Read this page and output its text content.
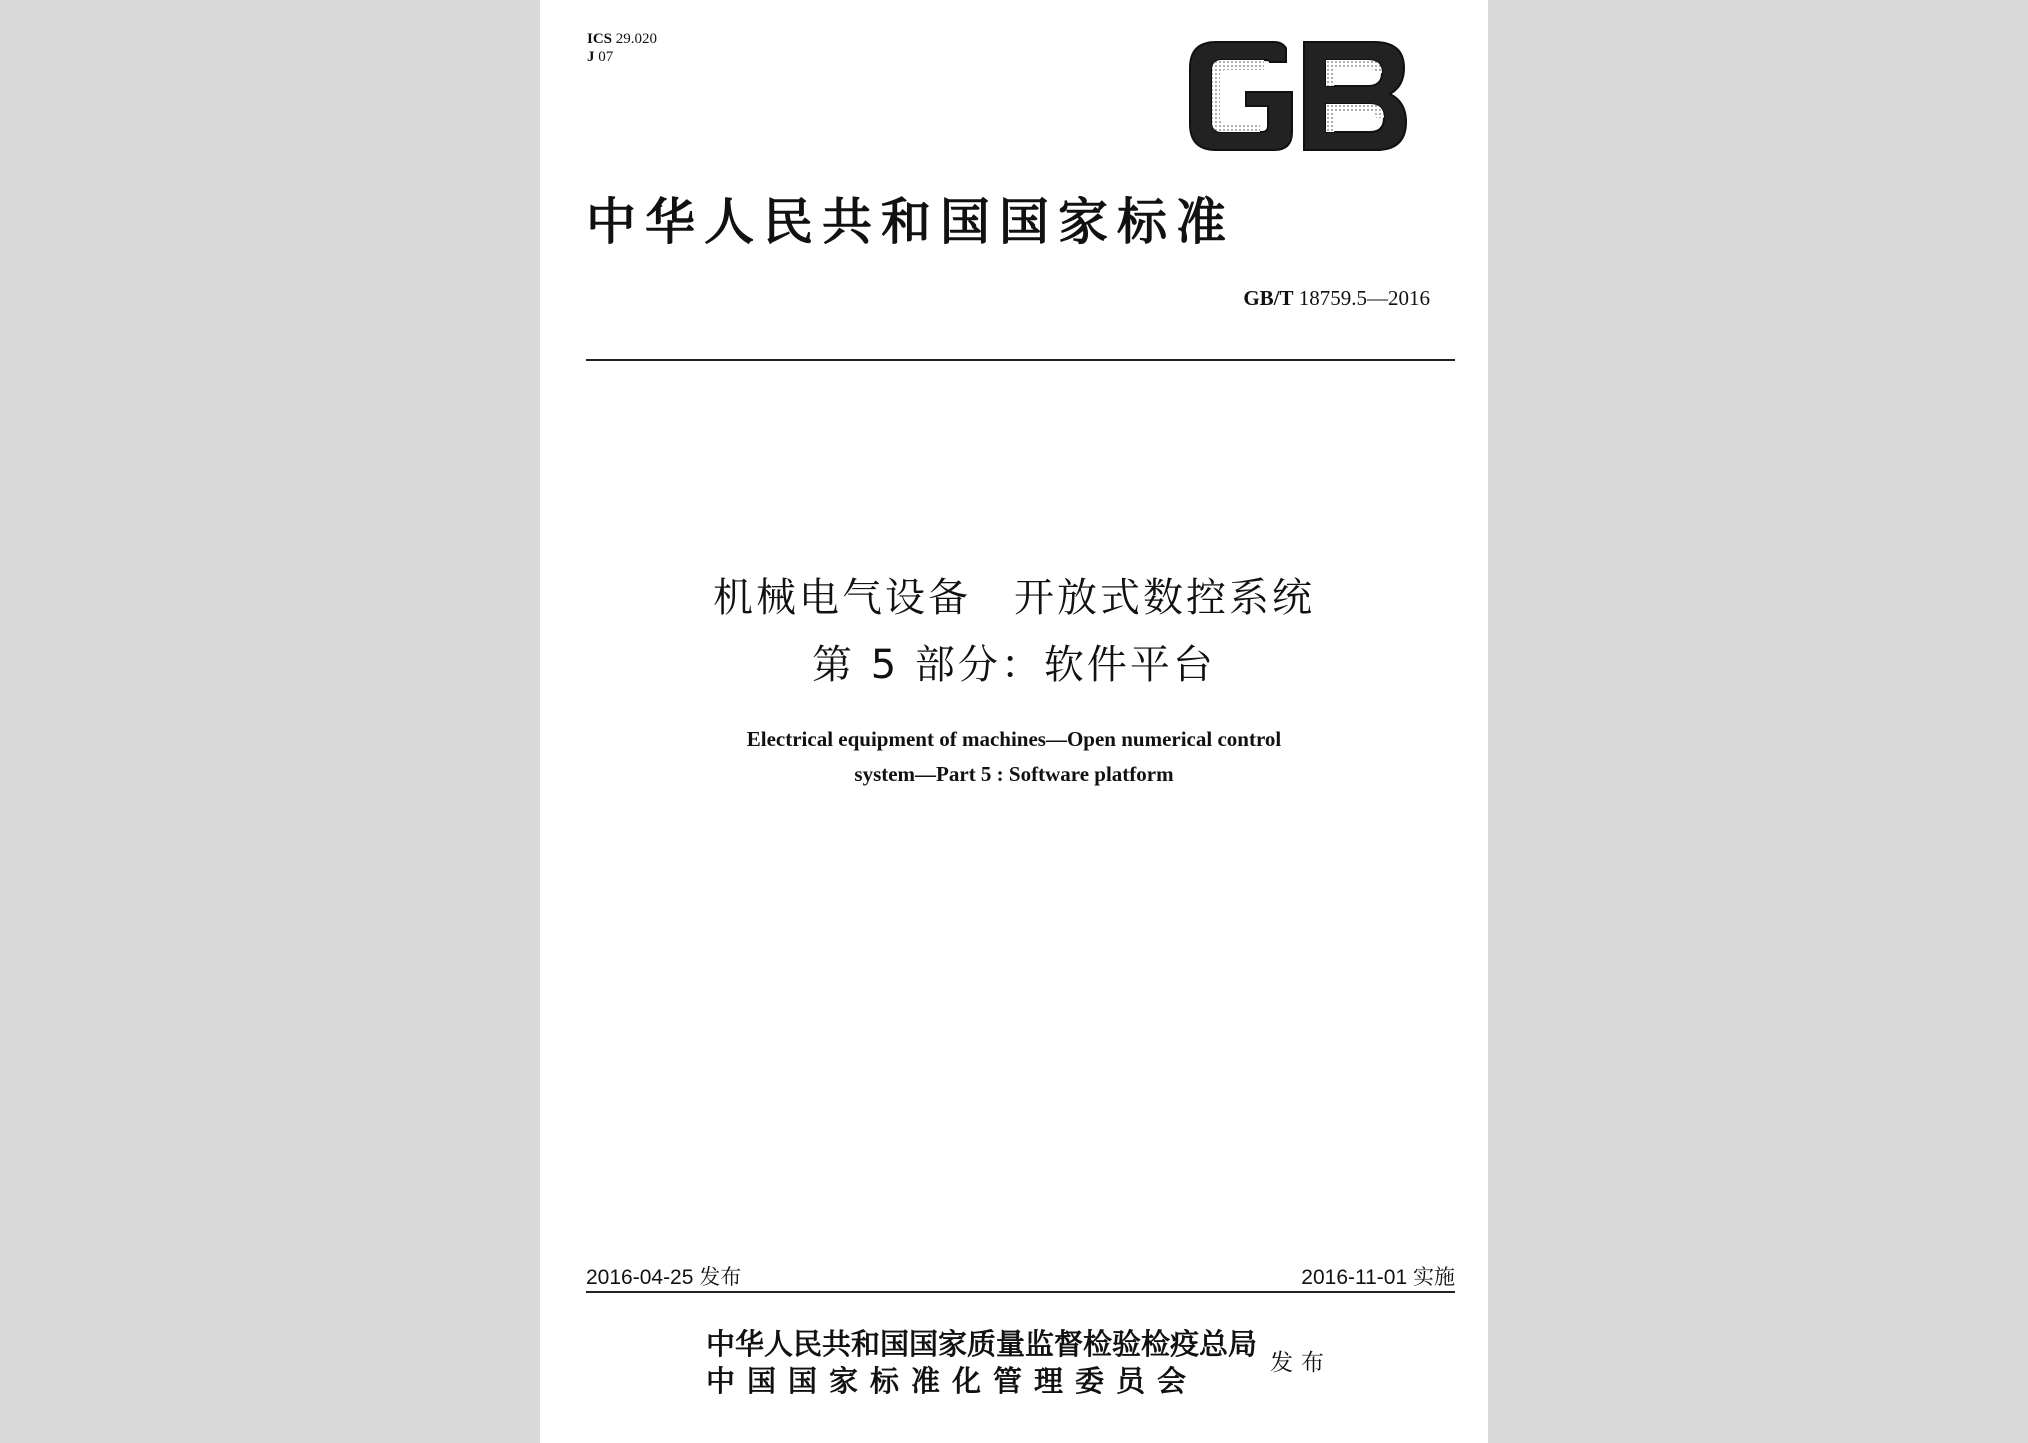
ICS 29.020
J 07
中华人民共和国国家标准
GB/T 18759.5—2016
机械电气设备　开放式数控系统
第 5 部分：软件平台
Electrical equipment of machines—Open numerical control
system—Part 5 : Software platform
2016-04-25 发布	2016-11-01 实施
中华人民共和国国家质量监督检验检疫总局
中国国家标准化管理委员会
发布
